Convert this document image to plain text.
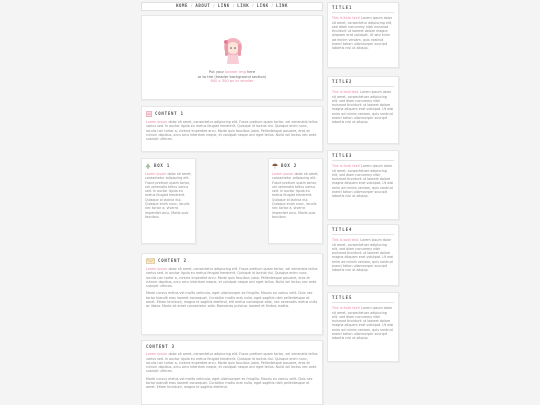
HOME / ABOUT / LINK / LINK / LINK / LINK
Put your banner img here
or to the (header background section)
600 x 300 px or smaller
CONTENT 1
Lorem ipsum dolor sit amet, consectetur adipiscing elit. Fusce pretium quam tortor, vel venenatis tellus varius sed. In auctor ligula eu metus feugiat hendrerit. Quisque id lacinia dui. Quisque enim nunc, iaculis nec tortor a, viverra imperdiet arcu. Morbi quis faucibus justo. Pellentesque posuere, eros et rutrum dapibus, arcu arcu interdum neque, et volutpat neque orci eget tellus. Nulla vel lectus nec ante suscipit ultrices.
BOX 1
Lorem ipsum dolor sit amet, consectetur adipiscing elit. Fusce pretium quam tortor, vel venenatis tellus varius sed. In auctor ligula eu metus feugiat hendrerit. Quisque id lacinia dui. Quisque enim nunc, iaculis nec tortor a, viverra imperdiet arcu. Morbi quis faucibus
BOX 2
Lorem ipsum dolor sit amet, consectetur adipiscing elit. Fusce pretium quam tortor, vel venenatis tellus varius sed. In auctor ligula eu metus feugiat hendrerit. Quisque id lacinia dui. Quisque enim nunc, iaculis nec tortor a, viverra imperdiet arcu. Morbi quis faucibus
CONTENT 2
Lorem ipsum dolor sit amet, consectetur adipiscing elit. Fusce pretium quam tortor, vel venenatis tellus varius sed. In auctor ligula eu metus feugiat hendrerit. Quisque id lacinia dui. Quisque enim nunc, iaculis nec tortor a, viverra imperdiet arcu. Morbi quis faucibus justo. Pellentesque posuere, eros et rutrum dapibus, arcu arcu interdum neque, et volutpat neque orci eget tellus. Nulla vel lectus nec ante suscipit ultrices.
Morbi cursus metus vel mollis vehicula, eget ullamcorper ex fringilla. Mauris eu varius velit. Duis nec tortor blandit eros laoreet consequat. Curabitur mollis erat nulla, eget sagittis nibh pellentesque et amet. Etiam tincidunt, magna id sagittis eleifend, elit metus consequat odio, nec venenatis metus nulla ac libero. Morbi sit amet consectetur odio. Maecenas pulvinar laoreet et finibus mattis.
CONTENT 3
Lorem ipsum dolor sit amet, consectetur adipiscing elit. Fusce pretium quam tortor, vel venenatis tellus varius sed. In auctor ligula eu metus feugiat hendrerit. Quisque id lacinia dui. Quisque enim nunc, iaculis nec tortor a, viverra imperdiet arcu. Morbi quis faucibus justo. Pellentesque posuere, eros et rutrum dapibus, arcu arcu interdum neque, et volutpat neque orci eget tellus. Nulla vel lectus nec ante suscipit ultrices.
Morbi cursus metus vel mollis vehicula, eget ullamcorper ex fringilla. Mauris eu varius velit. Duis nec tortor blandit eros laoreet consequat. Curabitur mollis erat nulla, eget sagittis nibh pellentesque et amet. Etiam tincidunt, magna id sagittis eleifend.
TITLE1
This is italic text! Lorem ipsum dolor sit amet, consectetur adipiscing elit, sed diam nonummy nibh euismod tincidunt ut laoreet dolore magna aliquam erat volutpat. Ut wisi enim ad minim veniam, quis nostrud exerci tation ullamcorper suscipit lobortis nisl ut aliquip.
TITLE2
This is bold text. Lorem ipsum dolor sit amet, consectetuer adipiscing elit, sed diam nonummy nibh euismod tincidunt ut laoreet dolore magna aliquam erat volutpat. Ut wisi enim ad minim veniam, quis nostrud exerci tation ullamcorper suscipit lobortis nisl ut aliquip.
TITLE3
This is italic text! Lorem ipsum dolor sit amet, consectetuer adipiscing elit, sed diam nonummy nibh euismod tincidunt ut laoreet dolore magna aliquam erat volutpat. Ut wisi enim ad minim veniam, quis nostrud exerci tation ullamcorper suscipit lobortis nisl ut aliquip.
TITLE4
This is bold text. Lorem ipsum dolor sit amet, consectetuer adipiscing elit, sed diam nonummy nibh euismod tincidunt ut laoreet dolore magna aliquam erat volutpat. Ut wisi enim ad minim veniam, quis nostrud exerci tation ullamcorper suscipit lobortis nisl ut aliquip.
TITLE5
This is italic text! Lorem ipsum dolor sit amet, consectetuer adipiscing elit, sed diam nonummy nibh euismod tincidunt ut laoreet dolore magna aliquam erat volutpat. Ut wisi enim ad minim veniam, quis nostrud exerci tation ullamcorper suscipit lobortis nisl ut aliquip.
